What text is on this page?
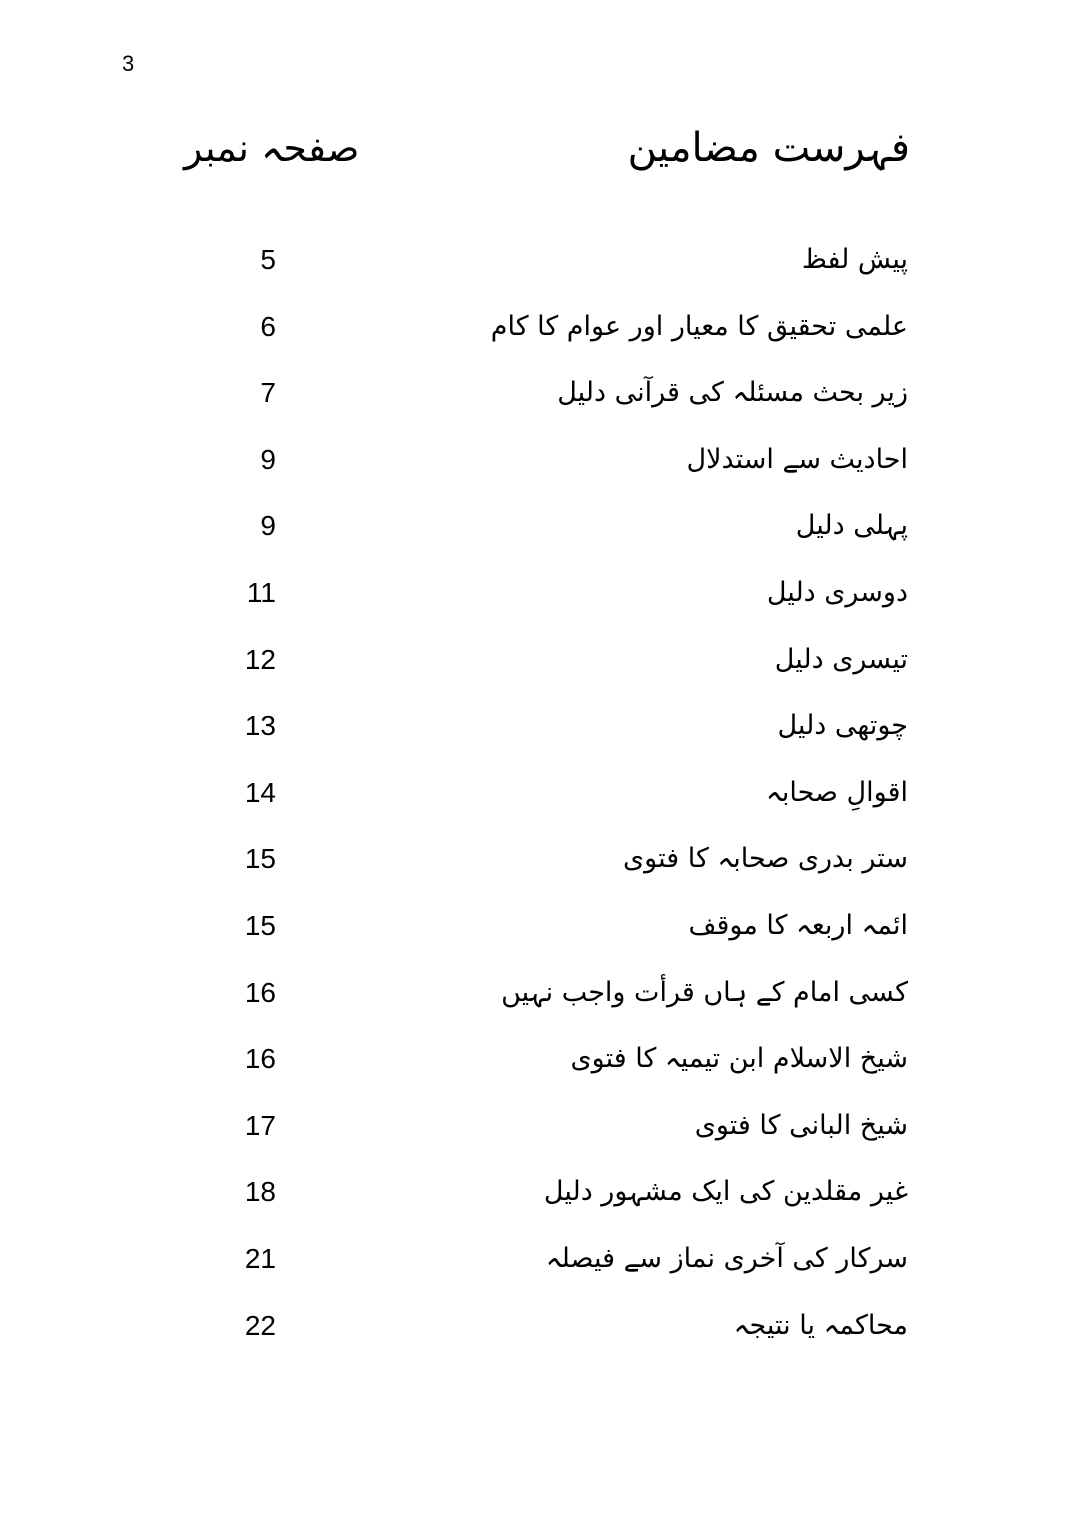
3
فہرست مضامین
صفحہ نمبر
پیش لفظ
5
علمی تحقیق کا معیار اور عوام کا کام
6
زیر بحث مسئلہ کی قرآنی دلیل
7
احادیث سے استدلال
9
پہلی دلیل
9
دوسری دلیل
11
تیسری دلیل
12
چوتھی دلیل
13
اقوالِ صحابہ
14
ستر بدری صحابہ کا فتوی
15
ائمہ اربعہ کا موقف
15
کسی امام کے ہاں قرأت واجب نہیں
16
شیخ الاسلام ابن تیمیہ کا فتوی
16
شیخ البانی کا فتوی
17
غیر مقلدین کی ایک مشہور دلیل
18
سرکار کی آخری نماز سے فیصلہ
21
محاکمہ یا نتیجہ
22
